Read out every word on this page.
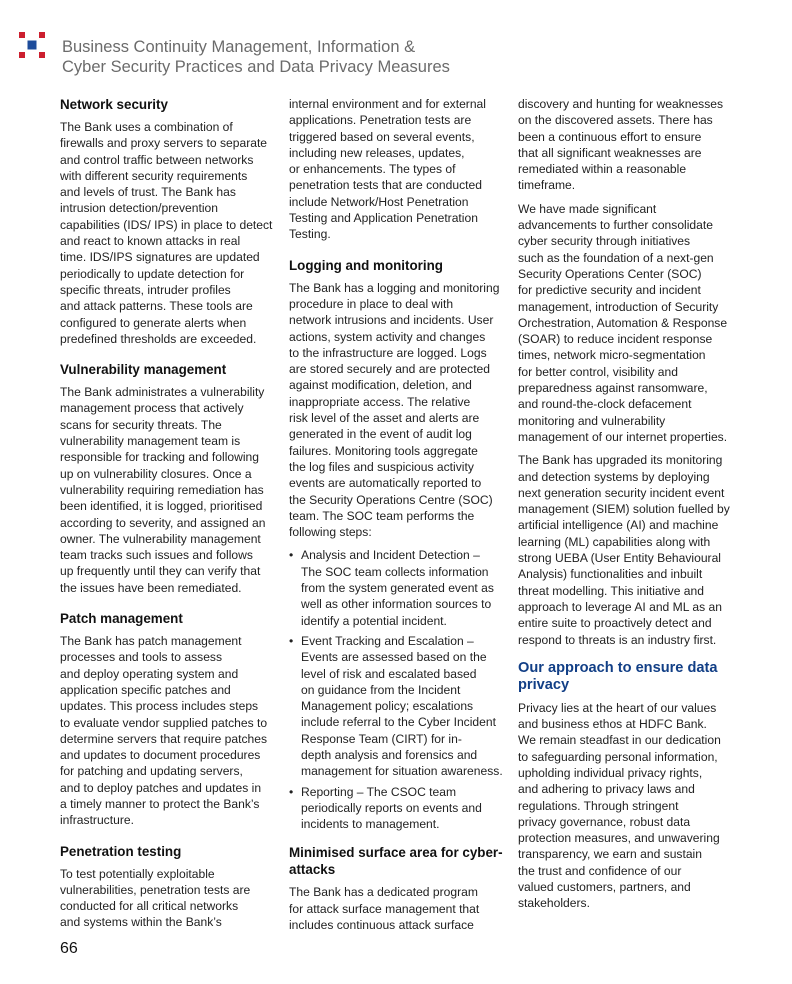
Business Continuity Management, Information &
Cyber Security Practices and Data Privacy Measures
Network security

The Bank uses a combination of
firewalls and proxy servers to separate
and control traffic between networks
with different security requirements
and levels of trust. The Bank has
intrusion detection/prevention
capabilities (IDS/ IPS) in place to detect
and react to known attacks in real
time. IDS/IPS signatures are updated
periodically to update detection for
specific threats, intruder profiles
and attack patterns. These tools are
configured to generate alerts when
predefined thresholds are exceeded.

Vulnerability management

The Bank administrates a vulnerability
management process that actively
scans for security threats. The
vulnerability management team is
responsible for tracking and following
up on vulnerability closures. Once a
vulnerability requiring remediation has
been identified, it is logged, prioritised
according to severity, and assigned an
owner. The vulnerability management
team tracks such issues and follows
up frequently until they can verify that
the issues have been remediated.

Patch management

The Bank has patch management
processes and tools to assess
and deploy operating system and
application specific patches and
updates. This process includes steps
to evaluate vendor supplied patches to
determine servers that require patches
and updates to document procedures
for patching and updating servers,
and to deploy patches and updates in
a timely manner to protect the Bank’s
infrastructure.

Penetration testing

To test potentially exploitable
vulnerabilities, penetration tests are
conducted for all critical networks
and systems within the Bank’s

internal environment and for external
applications. Penetration tests are
triggered based on several events,
including new releases, updates,
or enhancements. The types of
penetration tests that are conducted
include Network/Host Penetration
Testing and Application Penetration
Testing.

Logging and monitoring

The Bank has a logging and monitoring
procedure in place to deal with
network intrusions and incidents. User
actions, system activity and changes
to the infrastructure are logged. Logs
are stored securely and are protected
against modification, deletion, and
inappropriate access. The relative
risk level of the asset and alerts are
generated in the event of audit log
failures. Monitoring tools aggregate
the log files and suspicious activity
events are automatically reported to
the Security Operations Centre (SOC)
team. The SOC team performs the
following steps:

• Analysis and Incident Detection –
The SOC team collects information
from the system generated event as
well as other information sources to
identify a potential incident.
• Event Tracking and Escalation –
Events are assessed based on the
level of risk and escalated based
on guidance from the Incident
Management policy; escalations
include referral to the Cyber Incident
Response Team (CIRT) for in-
depth analysis and forensics and
management for situation awareness.
• Reporting – The CSOC team
periodically reports on events and
incidents to management.
Minimised surface area for cyber-
attacks

The Bank has a dedicated program
for attack surface management that
includes continuous attack surface

discovery and hunting for weaknesses
on the discovered assets. There has
been a continuous effort to ensure
that all significant weaknesses are
remediated within a reasonable
timeframe.

We have made significant
advancements to further consolidate
cyber security through initiatives
such as the foundation of a next-gen
Security Operations Center (SOC)
for predictive security and incident
management, introduction of Security
Orchestration, Automation & Response
(SOAR) to reduce incident response
times, network micro-segmentation
for better control, visibility and
preparedness against ransomware,
and round-the-clock defacement
monitoring and vulnerability
management of our internet properties.

The Bank has upgraded its monitoring
and detection systems by deploying
next generation security incident event
management (SIEM) solution fuelled by
artificial intelligence (AI) and machine
learning (ML) capabilities along with
strong UEBA (User Entity Behavioural
Analysis) functionalities and inbuilt
threat modelling. This initiative and
approach to leverage AI and ML as an
entire suite to proactively detect and
respond to threats is an industry first.

Our approach to ensure data
privacy

Privacy lies at the heart of our values
and business ethos at HDFC Bank.
We remain steadfast in our dedication
to safeguarding personal information,
upholding individual privacy rights,
and adhering to privacy laws and
regulations. Through stringent
privacy governance, robust data
protection measures, and unwavering
transparency, we earn and sustain
the trust and confidence of our
valued customers, partners, and
stakeholders.

66
